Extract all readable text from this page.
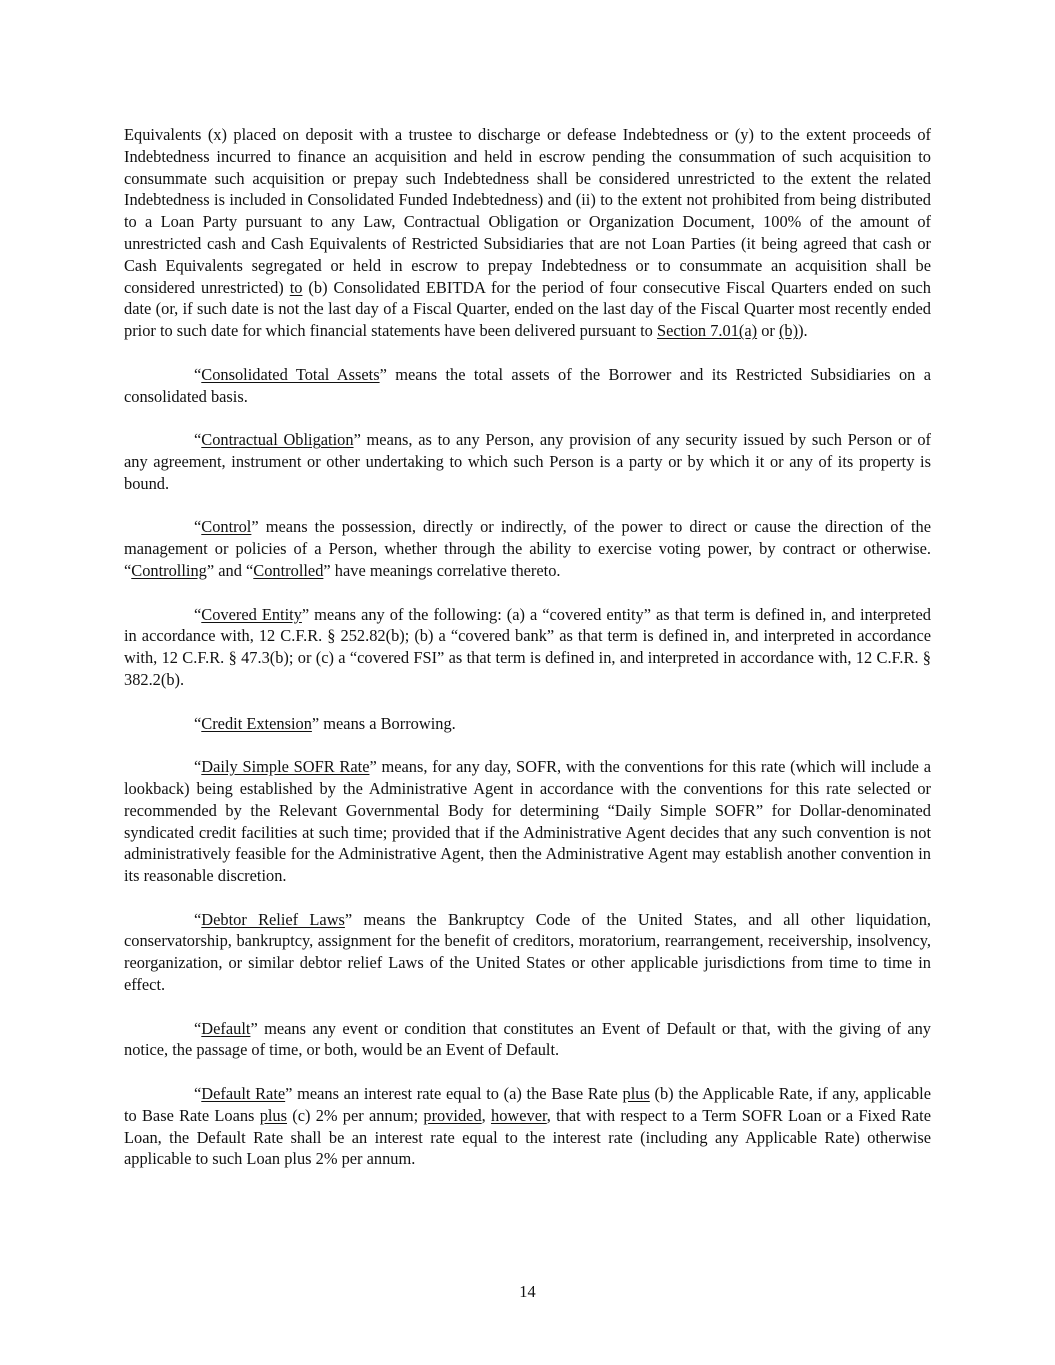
Equivalents (x) placed on deposit with a trustee to discharge or defease Indebtedness or (y) to the extent proceeds of Indebtedness incurred to finance an acquisition and held in escrow pending the consummation of such acquisition to consummate such acquisition or prepay such Indebtedness shall be considered unrestricted to the extent the related Indebtedness is included in Consolidated Funded Indebtedness) and (ii) to the extent not prohibited from being distributed to a Loan Party pursuant to any Law, Contractual Obligation or Organization Document, 100% of the amount of unrestricted cash and Cash Equivalents of Restricted Subsidiaries that are not Loan Parties (it being agreed that cash or Cash Equivalents segregated or held in escrow to prepay Indebtedness or to consummate an acquisition shall be considered unrestricted) to (b) Consolidated EBITDA for the period of four consecutive Fiscal Quarters ended on such date (or, if such date is not the last day of a Fiscal Quarter, ended on the last day of the Fiscal Quarter most recently ended prior to such date for which financial statements have been delivered pursuant to Section 7.01(a) or (b)).

“Consolidated Total Assets” means the total assets of the Borrower and its Restricted Subsidiaries on a consolidated basis.

“Contractual Obligation” means, as to any Person, any provision of any security issued by such Person or of any agreement, instrument or other undertaking to which such Person is a party or by which it or any of its property is bound.

“Control” means the possession, directly or indirectly, of the power to direct or cause the direction of the management or policies of a Person, whether through the ability to exercise voting power, by contract or otherwise. “Controlling” and “Controlled” have meanings correlative thereto.

“Covered Entity” means any of the following: (a) a “covered entity” as that term is defined in, and interpreted in accordance with, 12 C.F.R. § 252.82(b); (b) a “covered bank” as that term is defined in, and interpreted in accordance with, 12 C.F.R. § 47.3(b); or (c) a “covered FSI” as that term is defined in, and interpreted in accordance with, 12 C.F.R. § 382.2(b).

“Credit Extension” means a Borrowing.

“Daily Simple SOFR Rate” means, for any day, SOFR, with the conventions for this rate (which will include a lookback) being established by the Administrative Agent in accordance with the conventions for this rate selected or recommended by the Relevant Governmental Body for determining “Daily Simple SOFR” for Dollar-denominated syndicated credit facilities at such time; provided that if the Administrative Agent decides that any such convention is not administratively feasible for the Administrative Agent, then the Administrative Agent may establish another convention in its reasonable discretion.

“Debtor Relief Laws” means the Bankruptcy Code of the United States, and all other liquidation, conservatorship, bankruptcy, assignment for the benefit of creditors, moratorium, rearrangement, receivership, insolvency, reorganization, or similar debtor relief Laws of the United States or other applicable jurisdictions from time to time in effect.

“Default” means any event or condition that constitutes an Event of Default or that, with the giving of any notice, the passage of time, or both, would be an Event of Default.

“Default Rate” means an interest rate equal to (a) the Base Rate plus (b) the Applicable Rate, if any, applicable to Base Rate Loans plus (c) 2% per annum; provided, however, that with respect to a Term SOFR Loan or a Fixed Rate Loan, the Default Rate shall be an interest rate equal to the interest rate (including any Applicable Rate) otherwise applicable to such Loan plus 2% per annum.

14
